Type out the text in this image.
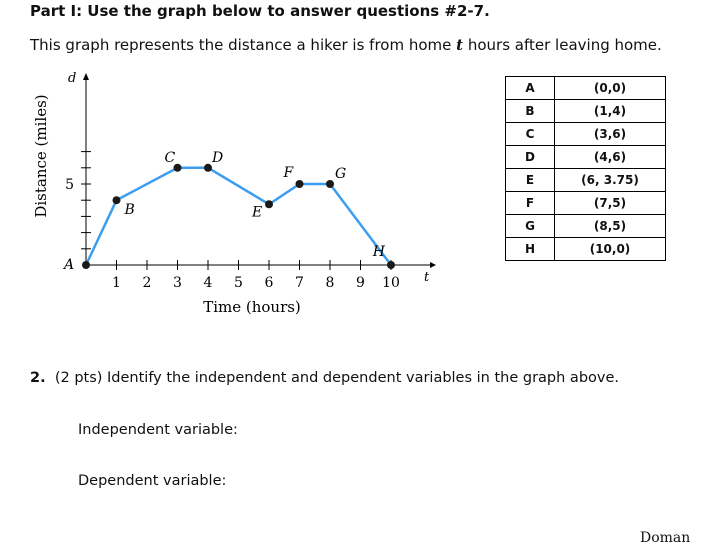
Part I: Use the graph below to answer questions #2-7.
This graph represents the distance a hiker is from home t hours after leaving home.
1 2 3 4 5 6 7 8 9 10
5
t
d
Time (hours)
Distance (miles)
A
B
C	D
E
F	G
H
A	(0,0)
B	(1,4)
C	(3,6)
D	(4,6)
E	(6, 3.75)
F	(7,5)
G	(8,5)
H	(10,0)
2. (2 pts) Identify the independent and dependent variables in the graph above.
Independent variable:
Dependent variable:
Doman
